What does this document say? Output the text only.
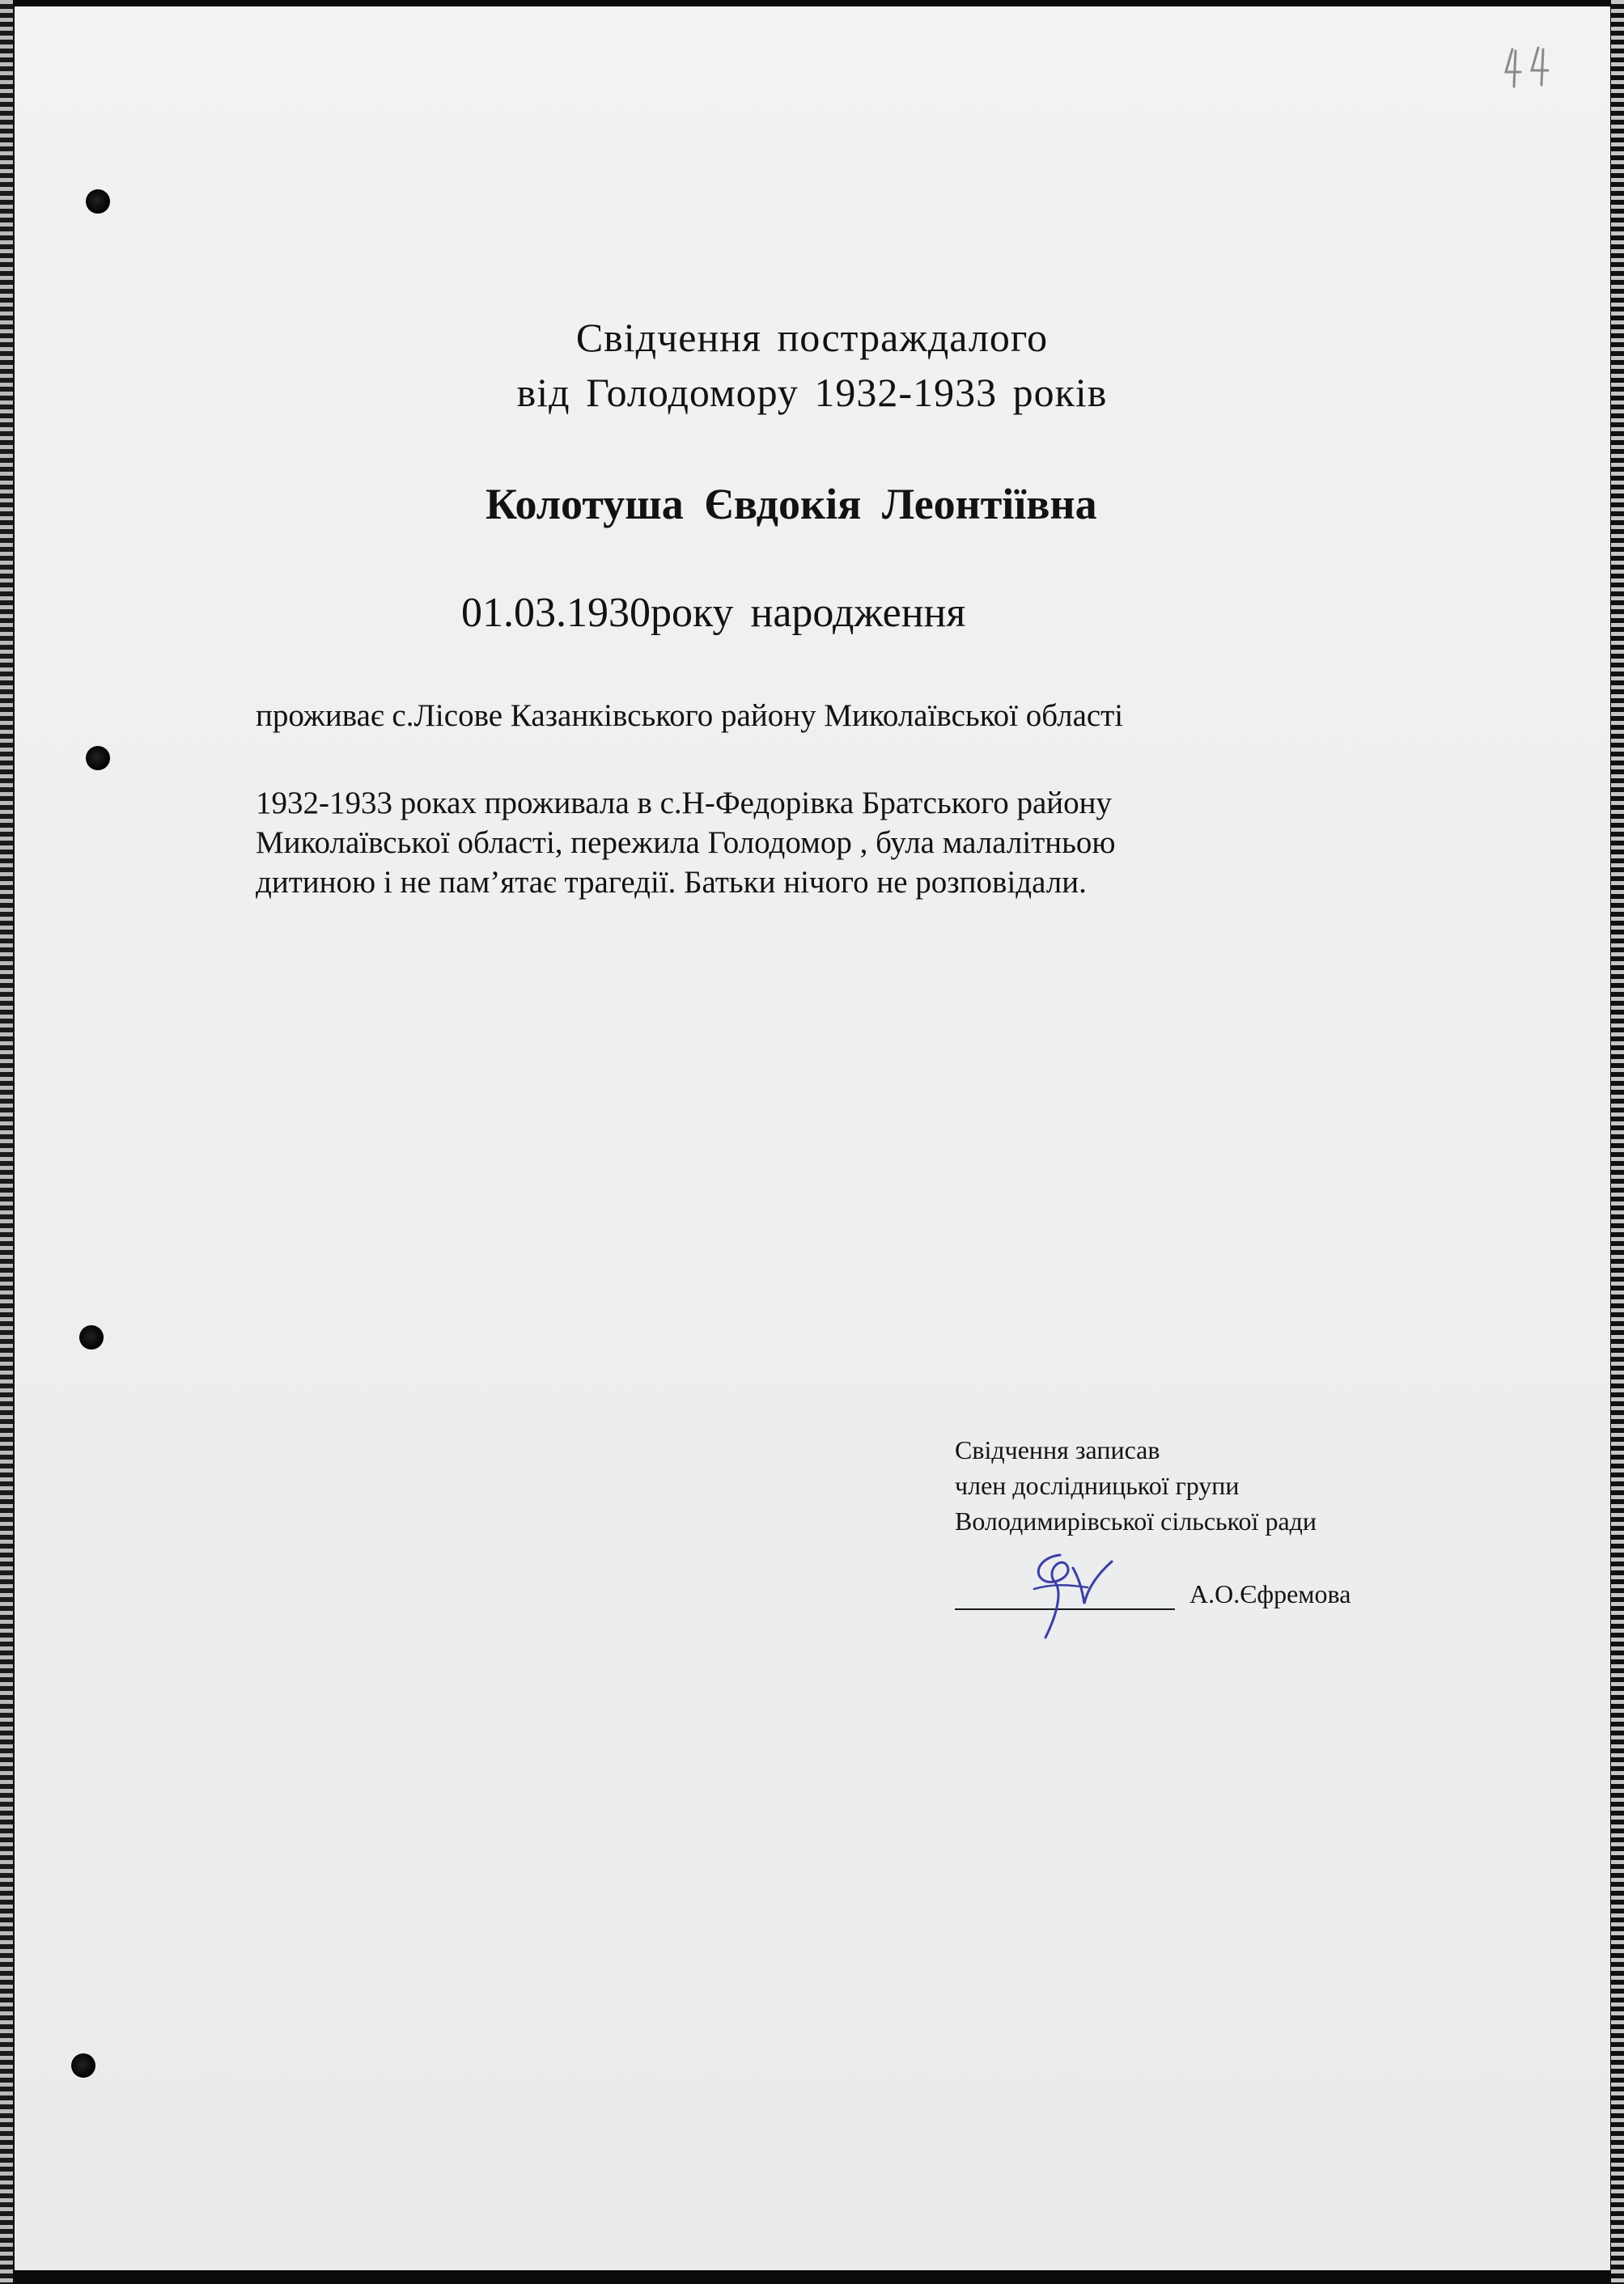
Свідчення постраждалого
від Голодомору 1932-1933 років
Колотуша Євдокія Леонтіївна
01.03.1930року народження
проживає с.Лісове Казанківського району Миколаївської області

1932-1933 роках проживала в с.Н-Федорівка Братського району
Миколаївської області, пережила Голодомор , була малалітньою
дитиною і не пам’ятає трагедії. Батьки нічого не розповідали.

Свідчення записав
член дослідницької групи
Володимирівської сільської ради
А.О.Єфремова
